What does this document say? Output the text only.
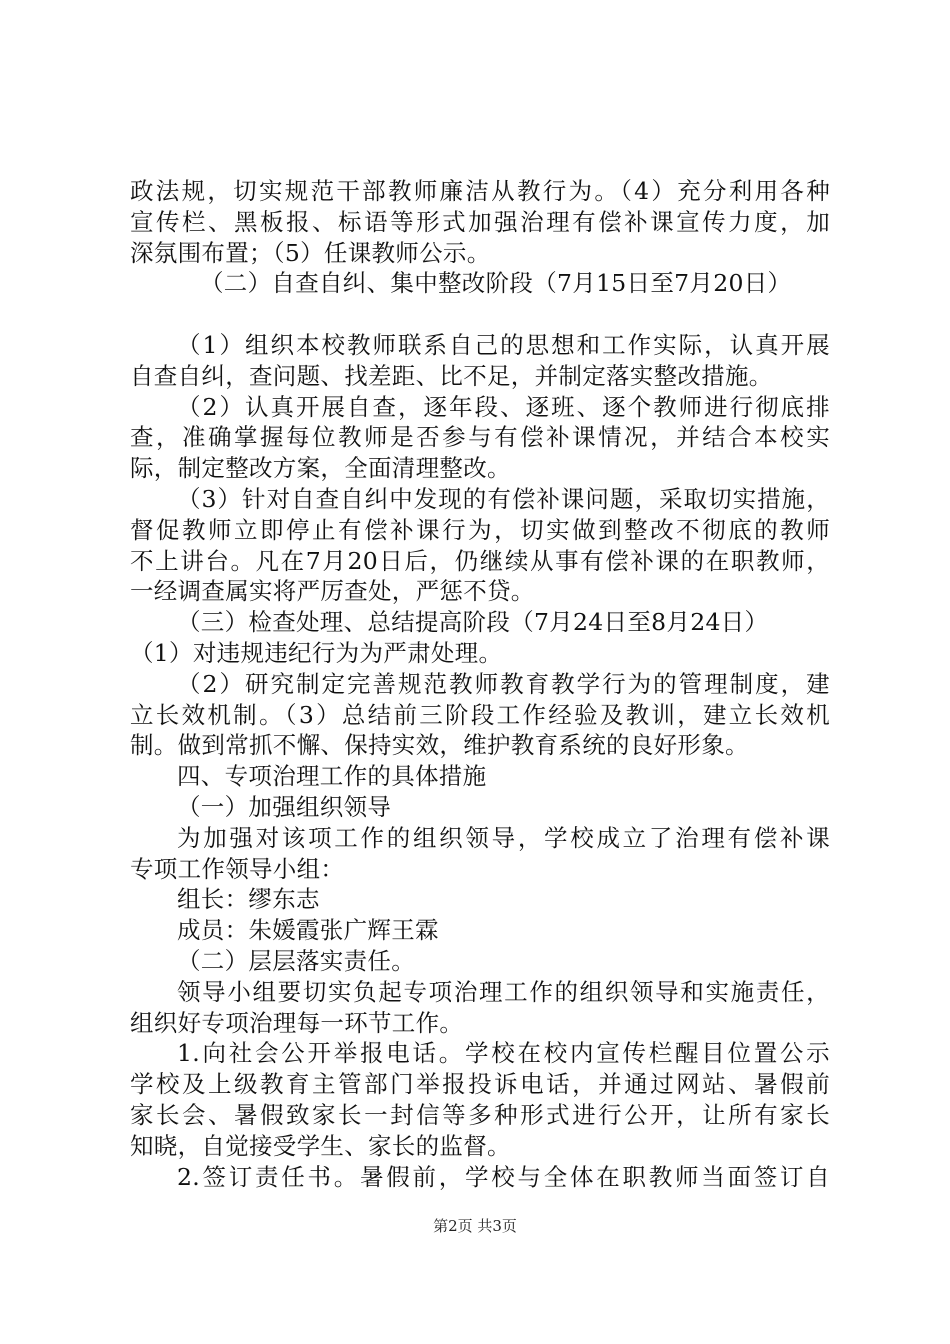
政法规，切实规范干部教师廉洁从教行为。（4）充分利用各种
宣传栏、黑板报、标语等形式加强治理有偿补课宣传力度，加
深氛围布置；（5）任课教师公示。
（二）自查自纠、集中整改阶段（7月15日至7月20日）
（1）组织本校教师联系自己的思想和工作实际，认真开展
自查自纠，查问题、找差距、比不足，并制定落实整改措施。
（2）认真开展自查，逐年段、逐班、逐个教师进行彻底排
查，准确掌握每位教师是否参与有偿补课情况，并结合本校实
际，制定整改方案，全面清理整改。
（3）针对自查自纠中发现的有偿补课问题，采取切实措施，
督促教师立即停止有偿补课行为，切实做到整改不彻底的教师
不上讲台。凡在7月20日后，仍继续从事有偿补课的在职教师，
一经调查属实将严厉查处，严惩不贷。
（三）检查处理、总结提高阶段（7月24日至8月24日）
（1）对违规违纪行为为严肃处理。
（2）研究制定完善规范教师教育教学行为的管理制度，建
立长效机制。（3）总结前三阶段工作经验及教训，建立长效机
制。做到常抓不懈、保持实效，维护教育系统的良好形象。
四、专项治理工作的具体措施
（一）加强组织领导
为加强对该项工作的组织领导，学校成立了治理有偿补课
专项工作领导小组：
组长：缪东志
成员：朱媛霞张广辉王霖
（二）层层落实责任。
领导小组要切实负起专项治理工作的组织领导和实施责任，
组织好专项治理每一环节工作。
1.向社会公开举报电话。学校在校内宣传栏醒目位置公示
学校及上级教育主管部门举报投诉电话，并通过网站、暑假前
家长会、暑假致家长一封信等多种形式进行公开，让所有家长
知晓，自觉接受学生、家长的监督。
2.签订责任书。暑假前，学校与全体在职教师当面签订自
第2页 共3页
